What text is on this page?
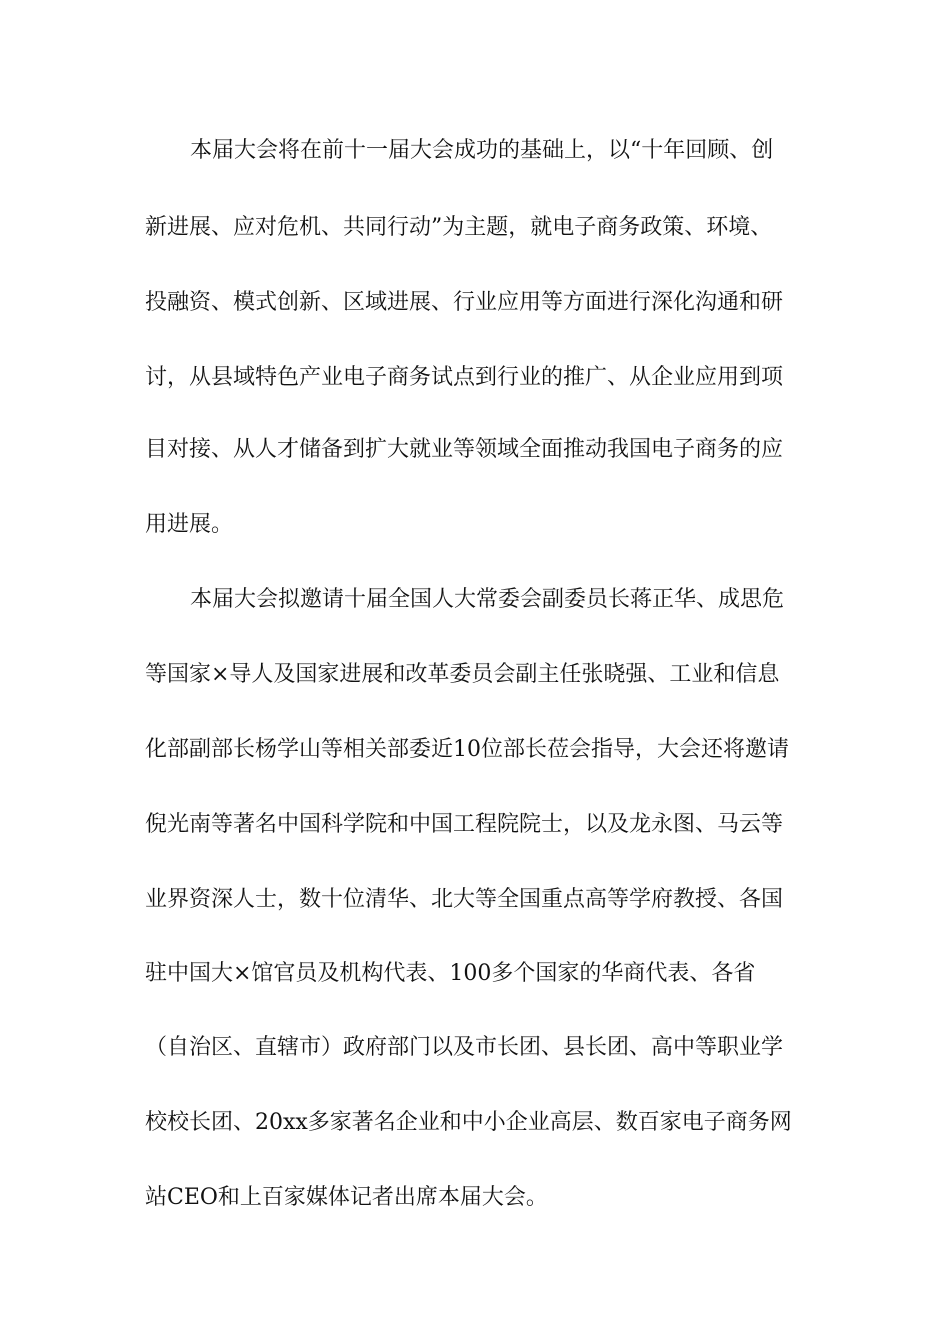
本届大会将在前十一届大会成功的基础上，以“十年回顾、创
新进展、应对危机、共同行动”为主题，就电子商务政策、环境、
投融资、模式创新、区域进展、行业应用等方面进行深化沟通和研
讨，从县域特色产业电子商务试点到行业的推广、从企业应用到项
目对接、从人才储备到扩大就业等领域全面推动我国电子商务的应
用进展。
本届大会拟邀请十届全国人大常委会副委员长蒋正华、成思危
等国家×导人及国家进展和改革委员会副主任张晓强、工业和信息
化部副部长杨学山等相关部委近10位部长莅会指导，大会还将邀请
倪光南等著名中国科学院和中国工程院院士，以及龙永图、马云等
业界资深人士，数十位清华、北大等全国重点高等学府教授、各国
驻中国大×馆官员及机构代表、100多个国家的华商代表、各省
（自治区、直辖市）政府部门以及市长团、县长团、高中等职业学
校校长团、20xx多家著名企业和中小企业高层、数百家电子商务网
站CEO和上百家媒体记者出席本届大会。
